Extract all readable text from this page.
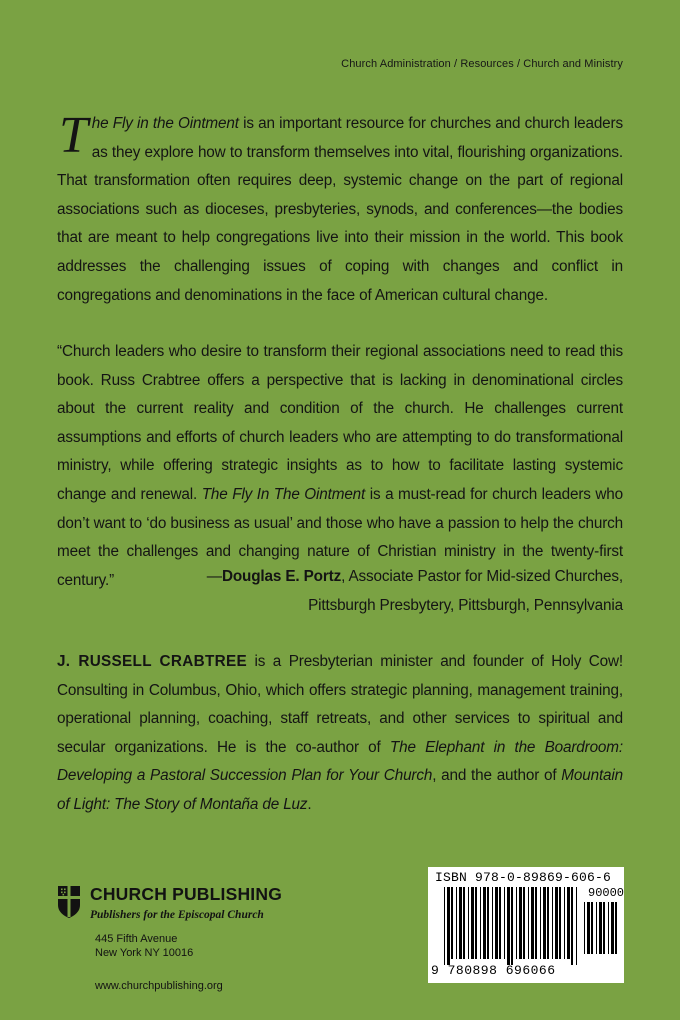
Church Administration / Resources / Church and Ministry

The Fly in the Ointment is an important resource for churches and church leaders as they explore how to transform themselves into vital, flourishing organizations. That transformation often requires deep, systemic change on the part of regional associations such as dioceses, presbyteries, synods, and conferences—the bodies that are meant to help congregations live into their mission in the world. This book addresses the challenging issues of coping with changes and conflict in congregations and denominations in the face of American cultural change.

“Church leaders who desire to transform their regional associations need to read this book. Russ Crabtree offers a perspective that is lacking in denominational circles about the current reality and condition of the church. He challenges current assumptions and efforts of church leaders who are attempting to do transformational ministry, while offering strategic insights as to how to facilitate lasting systemic change and renewal. The Fly In The Ointment is a must-read for church leaders who don’t want to ‘do business as usual’ and those who have a passion to help the church meet the challenges and changing nature of Christian ministry in the twenty-first century.”	—Douglas E. Portz, Associate Pastor for Mid-sized Churches,
Pittsburgh Presbytery, Pittsburgh, Pennsylvania

J. RUSSELL CRABTREE is a Presbyterian minister and founder of Holy Cow! Consulting in Columbus, Ohio, which offers strategic planning, management training, operational planning, coaching, staff retreats, and other services to spiritual and secular organizations. He is the co-author of The Elephant in the Boardroom: Developing a Pastoral Succession Plan for Your Church, and the author of Mountain of Light: The Story of Montaña de Luz.

CHURCH PUBLISHING
Publishers for the Episcopal Church
445 Fifth Avenue
New York NY 10016
www.churchpublishing.org
ISBN 978-0-89869-606-6
90000
9 780898 696066
